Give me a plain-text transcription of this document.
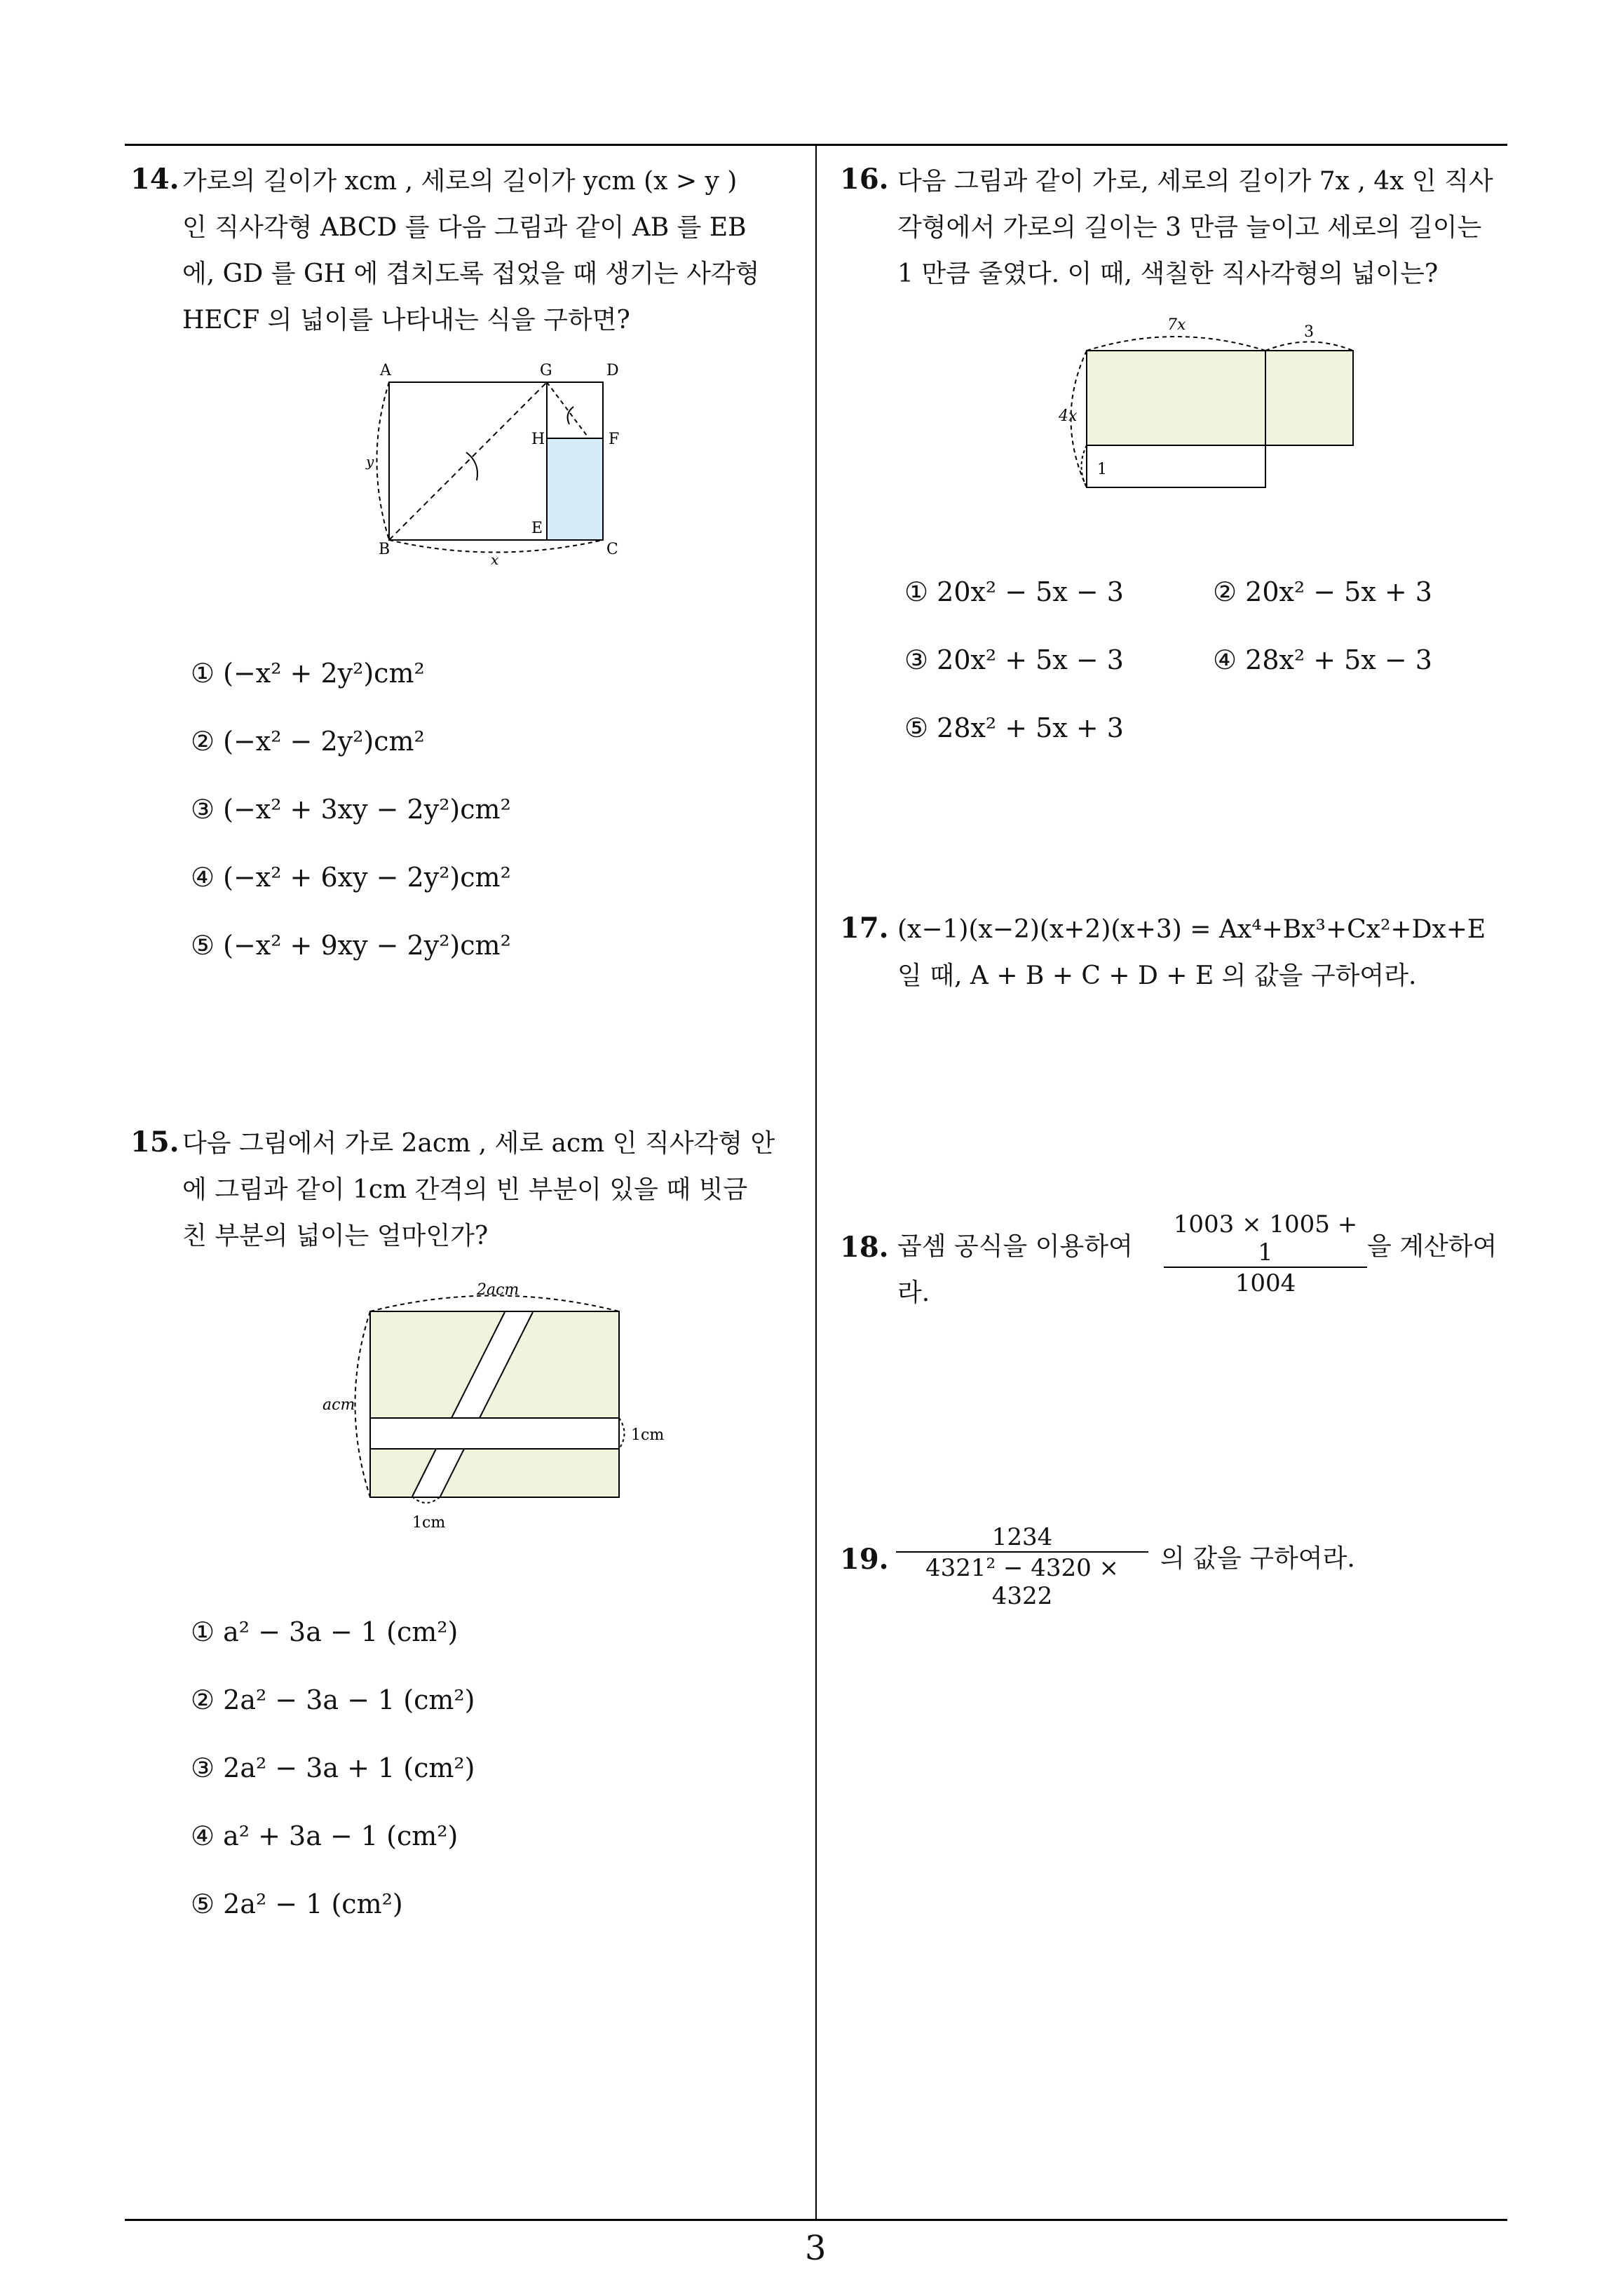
3
14. 가로의 길이가 xcm , 세로의 길이가 ycm (x > y )
인 직사각형 ABCD 를 다음 그림과 같이 AB 를 EB
에, GD 를 GH 에 겹치도록 접었을 때 생기는 사각형
HECF 의 넓이를 나타내는 식을 구하면?
A	G	D
H	F
E
B	C
y
x
① (−x² + 2y²)cm²
② (−x² − 2y²)cm²
③ (−x² + 3xy − 2y²)cm²
④ (−x² + 6xy − 2y²)cm²
⑤ (−x² + 9xy − 2y²)cm²
15. 다음 그림에서 가로 2acm , 세로 acm 인 직사각형 안
에 그림과 같이 1cm 간격의 빈 부분이 있을 때 빗금
친 부분의 넓이는 얼마인가?
2acm
acm
1cm
1cm
① a² − 3a − 1 (cm²)
② 2a² − 3a − 1 (cm²)
③ 2a² − 3a + 1 (cm²)
④ a² + 3a − 1 (cm²)
⑤ 2a² − 1 (cm²)
16. 다음 그림과 같이 가로, 세로의 길이가 7x , 4x 인 직사
각형에서 가로의 길이는 3 만큼 늘이고 세로의 길이는
1 만큼 줄였다. 이 때, 색칠한 직사각형의 넓이는?
7x	3
4x
1
① 20x² − 5x − 3	② 20x² − 5x + 3
③ 20x² + 5x − 3	④ 28x² + 5x − 3
⑤ 28x² + 5x + 3
17. (x−1)(x−2)(x+2)(x+3) = Ax⁴+Bx³+Cx²+Dx+E
일 때, A + B + C + D + E 의 값을 구하여라.
18. 곱셈 공식을 이용하여	을 계산하여
라.	$\frac{1003 \times 1005 + 1}{1004}$
19. $\frac{1234}{\text{4321² − 4320 × 4322}}$ 의 값을 구하여라.
